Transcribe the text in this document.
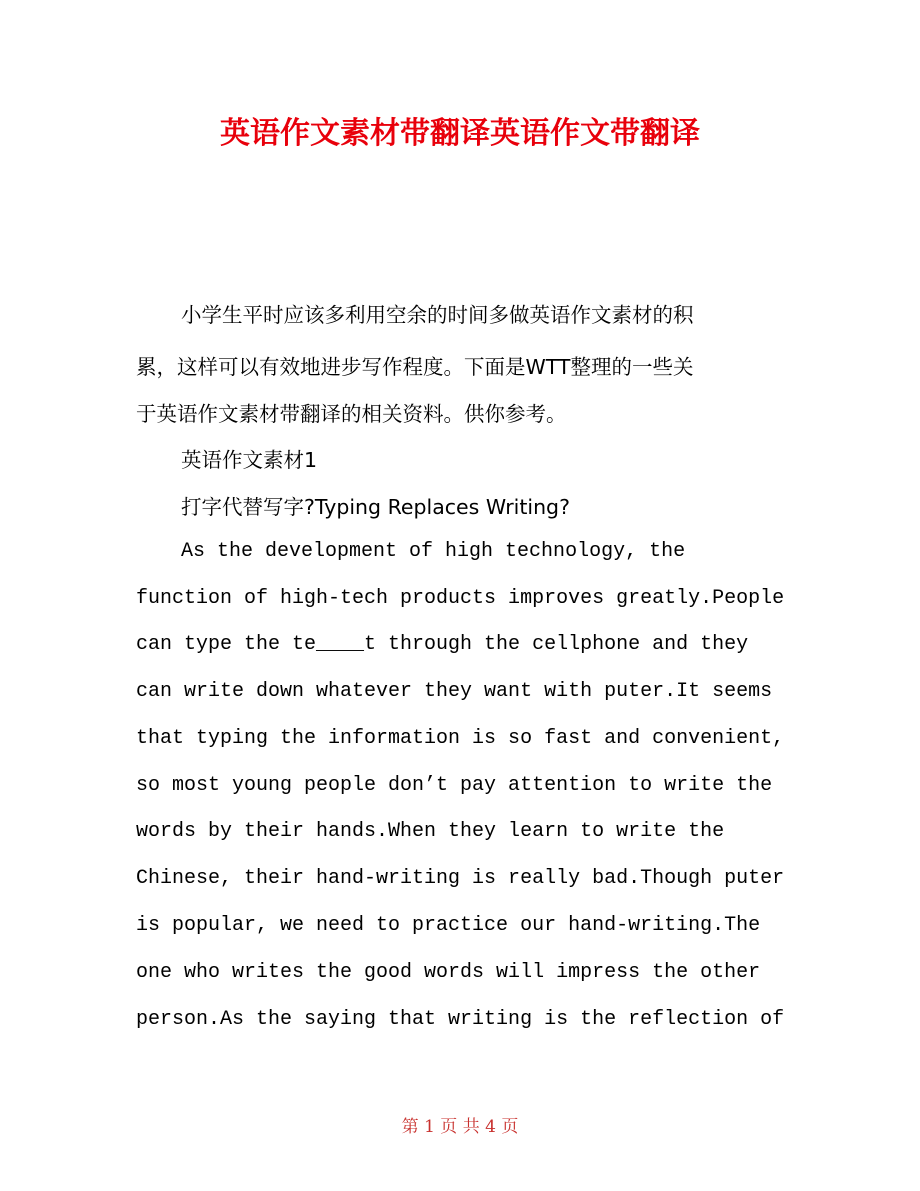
英语作文素材带翻译英语作文带翻译
小学生平时应该多利用空余的时间多做英语作文素材的积
累，这样可以有效地进步写作程度。下面是WTT整理的一些关
于英语作文素材带翻译的相关资料。供你参考。
英语作文素材1
打字代替写字?Typing Replaces Writing?
As the development of high technology, the
function of high-tech products improves greatly.People
can type the te____t through the cellphone and they
can write down whatever they want with puter.It seems
that typing the information is so fast and convenient,
so most young people don’t pay attention to write the
words by their hands.When they learn to write the
Chinese, their hand-writing is really bad.Though puter
is popular, we need to practice our hand-writing.The
one who writes the good words will impress the other
person.As the saying that writing is the reflection of
第 1 页 共 4 页
